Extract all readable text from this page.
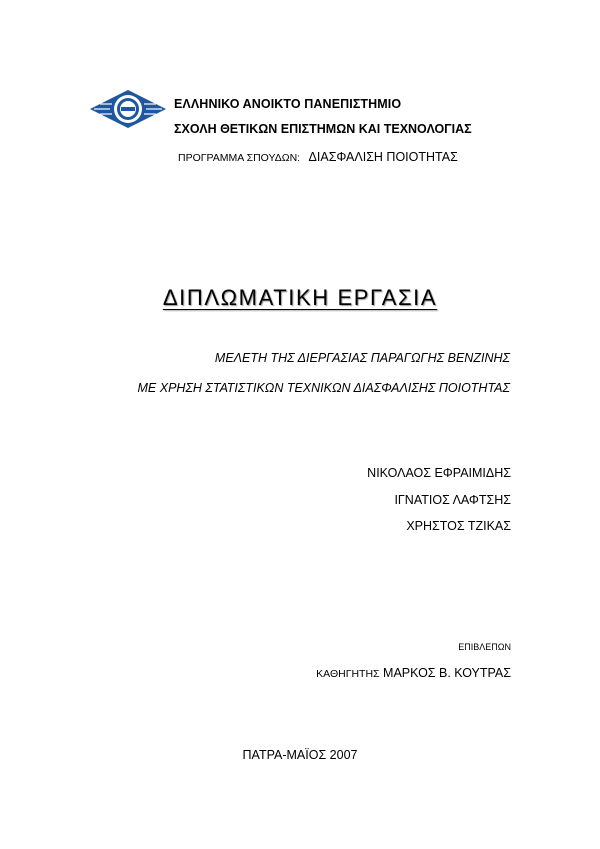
ΕΛΛΗΝΙΚΟ ΑΝΟΙΚΤΟ ΠΑΝΕΠΙΣΤΗΜΙΟ
ΣΧΟΛΗ ΘΕΤΙΚΩΝ ΕΠΙΣΤΗΜΩΝ ΚΑΙ ΤΕΧΝΟΛΟΓΙΑΣ
ΠΡΟΓΡΑΜΜΑ ΣΠΟΥΔΩΝ: ΔΙΑΣΦΑΛΙΣΗ ΠΟΙΟΤΗΤΑΣ
ΔΙΠΛΩΜΑΤΙΚΗ ΕΡΓΑΣΙΑ
ΜΕΛΕΤΗ ΤΗΣ ΔΙΕΡΓΑΣΙΑΣ ΠΑΡΑΓΩΓΗΣ ΒΕΝΖΙΝΗΣ
ΜΕ ΧΡΗΣΗ ΣΤΑΤΙΣΤΙΚΩΝ ΤΕΧΝΙΚΩΝ ΔΙΑΣΦΑΛΙΣΗΣ ΠΟΙΟΤΗΤΑΣ
ΝΙΚΟΛΑΟΣ ΕΦΡΑΙΜΙΔΗΣ
ΙΓΝΑΤΙΟΣ ΛΑΦΤΣΗΣ
ΧΡΗΣΤΟΣ ΤΖΙΚΑΣ
ΕΠΙΒΛΕΠΩΝ
ΚΑΘΗΓΗΤΗΣ ΜΑΡΚΟΣ Β. ΚΟΥΤΡΑΣ
ΠΑΤΡΑ-ΜΑΪΟΣ 2007
